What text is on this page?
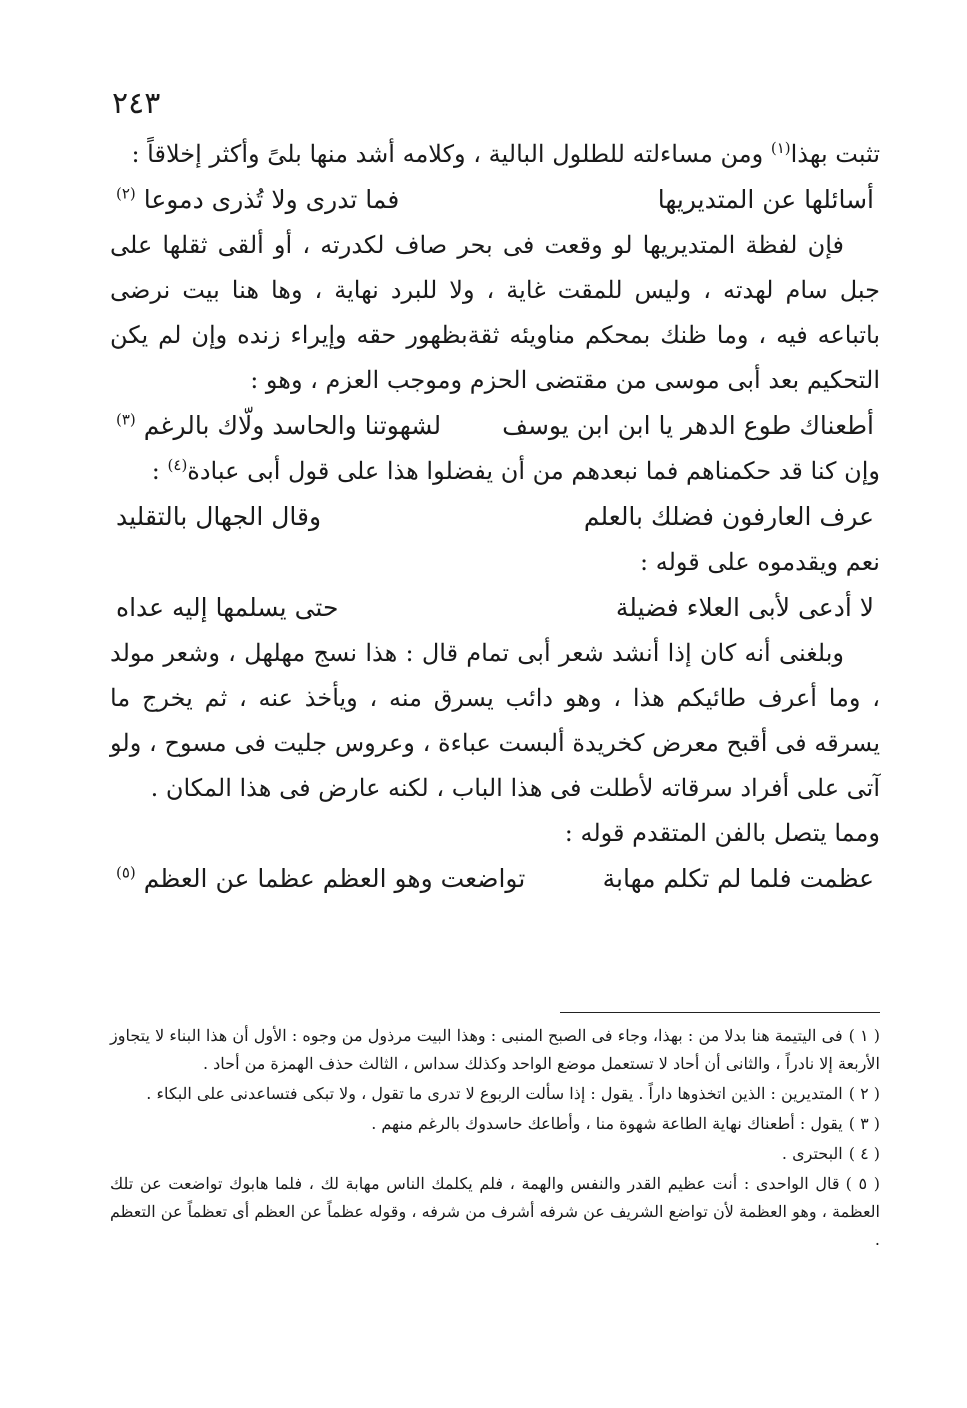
٢٤٣

تثبت بهذا$^{(١)}$ ومن مساءلته للطلول البالية ، وكلامه أشد منها بلىً وأكثر إخلاقاً :

أسائلها عن المتديريها
فما تدرى ولا تُذرى دموعا $^{(٢)}$

فإن لفظة المتديريها لو وقعت فى بحر صاف لكدرته ، أو ألقى ثقلها على جبل سام لهدته ، وليس للمقت غاية ، ولا للبرد نهاية ، وها هنا بيت نرضى باتباعه فيه ، وما ظنك بمحكم مناويئه ثقةبظهور حقه وإيراء زنده وإن لم يكن التحكيم بعد أبى موسى من مقتضى الحزم وموجب العزم ، وهو :

أطعناك طوع الدهر يا ابن ابن يوسف
لشهوتنا والحاسد ولّاك بالرغم $^{(٣)}$

وإن كنا قد حكمناهم فما نبعدهم من أن يفضلوا هذا على قول أبى عبادة$^{(٤)}$ :

عرف العارفون فضلك بالعلم
وقال الجهال بالتقليد

نعم ويقدموه على قوله :

لا أدعى لأبى العلاء فضيلة
حتى يسلمها إليه عداه

وبلغنى أنه كان إذا أنشد شعر أبى تمام قال : هذا نسج مهلهل ، وشعر مولد ، وما أعرف طائيكم هذا ، وهو دائب يسرق منه ، ويأخذ عنه ، ثم يخرج ما يسرقه فى أقبح معرض كخريدة ألبست عباءة ، وعروس جليت فى مسوح ، ولو آتى على أفراد سرقاته لأطلت فى هذا الباب ، لكنه عارض فى هذا المكان .

ومما يتصل بالفن المتقدم قوله :

عظمت فلما لم تكلم مهابة
تواضعت وهو العظم عظما عن العظم $^{(٥)}$

( ١ )فى اليتيمة هنا بدلا من : بهذا، وجاء فى الصبح المنبى : وهذا البيت مرذول من وجوه : الأول أن هذا البناء لا يتجاوز الأربعة إلا نادراً ، والثانى أن أحاد لا تستعمل موضع الواحد وكذلك سداس ، الثالث حذف الهمزة من أحاد .

( ٢ )المتديرين : الذين اتخذوها داراً . يقول : إذا سألت الربوع لا تدرى ما تقول ، ولا تبكى فتساعدنى على البكاء .

( ٣ )يقول : أطعناك نهاية الطاعة شهوة منا ، وأطاعك حاسدوك بالرغم منهم .

( ٤ )البحترى .

( ٥ )قال الواحدى : أنت عظيم القدر والنفس والهمة ، فلم يكلمك الناس مهابة لك ، فلما هابوك تواضعت عن تلك العظمة ، وهو العظمة لأن تواضع الشريف عن شرفه أشرف من شرفه ، وقوله عظماً عن العظم أى تعظماً عن التعظم .
